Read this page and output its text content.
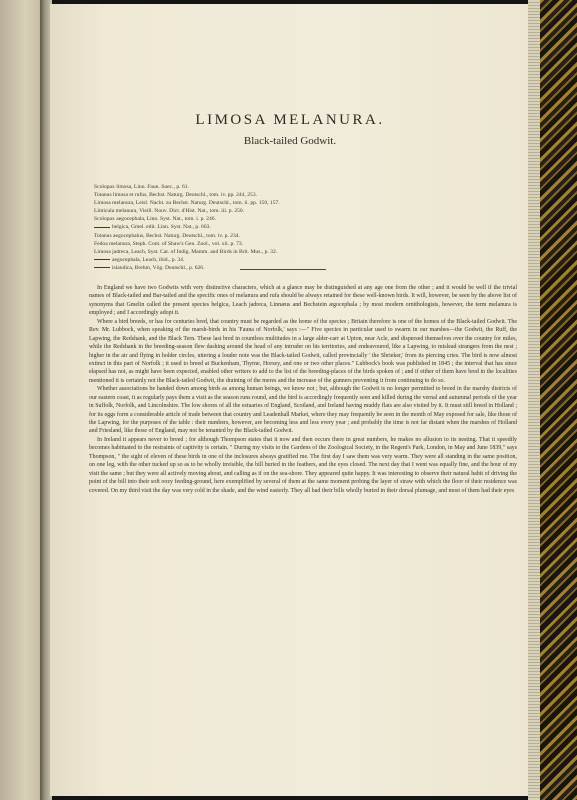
LIMOSA MELANURA.
Black-tailed Godwit.
Scolopax limosa, Linn. Faun. Suec., p. 61.
Totanus limosa et rufus, Bechst. Naturg. Deutschl., tom. iv. pp. 244, 253.
Limosa melanura, Leisl. Nacht. zu Bechst. Naturg. Deutschl., tom. ii. pp. 150, 157.
Limicula melanura, Vieill. Nouv. Dict. d'Hist. Nat., tom. iii. p. 250.
Scolopax aegocephala, Linn. Syst. Nat., tom. i. p. 246.
belgica, Gmel. edit. Linn. Syst. Nat., p. 663.
Totanus aegocephalus, Bechst. Naturg. Deutschl., tom. iv. p. 234.
Fedoa melanura, Steph. Cont. of Shaw's Gen. Zool., vol. xii. p. 73.
Limosa jadreca, Leach, Syst. Cat. of Indig. Mamm. and Birds in Brit. Mus., p. 32.
aegocephala, Leach, ibid., p. 34.
islandica, Brehm, Vög. Deutschl., p. 626.

In England we have two Godwits with very distinctive characters, which at a glance may be distinguished at any age one from the other ; and it would be well if the trivial names of Black-tailed and Bar-tailed and the specific ones of melanura and rufa should be always retained for these well-known birds. It will, however, be seen by the above list of synonyms that Gmelin called the present species belgica, Leach jadreca, Linnæus and Bechstein ægocephala ; by most modern ornithologists, however, the term melanura is employed ; and I accordingly adopt it.

Where a bird breeds, or has for centuries bred, that country must be regarded as the home of the species ; Britain therefore is one of the homes of the Black-tailed Godwit. The Rev. Mr. Lubbock, when speaking of the marsh-birds in his 'Fauna of Norfolk,' says :—" Five species in particular used to swarm in our marshes—the Godwit, the Ruff, the Lapwing, the Redshank, and the Black Tern. These last bred in countless multitudes in a large alder-carr at Upton, near Acle, and dispersed themselves over the country for miles, while the Redshank in the breeding-season flew dashing around the head of any intruder on his territories, and endeavoured, like a Lapwing, to mislead strangers from the nest ; higher in the air and flying in holder circles, uttering a louder note was the Black-tailed Godwit, called provincially ' the Shrieker,' from its piercing cries. The bird is now almost extinct in this part of Norfolk ; it used to breed at Buckenham, Thyrne, Horsey, and one or two other places." Lubbock's book was published in 1845 ; the interval that has since elapsed has not, as might have been expected, enabled other writers to add to the list of the breeding-places of the birds spoken of ; and if either of them have bred in the localities mentioned it is certainly not the Black-tailed Godwit, the draining of the meres and the increase of the gunners preventing it from continuing to do so.

Whether associations be handed down among birds as among human beings, we know not ; but, although the Godwit is no longer permitted to breed in the marshy districts of our eastern coast, it as regularly pays them a visit as the season runs round, and the bird is accordingly frequently seen and killed during the vernal and autumnal periods of the year in Suffolk, Norfolk, and Lincolnshire. The low shores of all the estuaries of England, Scotland, and Ireland having muddy flats are also visited by it. It must still breed in Holland ; for its eggs form a considerable article of trade between that country and Leadenhall Market, where they may frequently be seen in the month of May exposed for sale, like those of the Lapwing, for the purposes of the table : their numbers, however, are becoming less and less every year ; and probably the time is not far distant when the marshes of Holland and Friesland, like those of England, may not be tenanted by the Black-tailed Godwit.

In Ireland it appears never to breed ; for although Thompson states that it now and then occurs there in great numbers, he makes no allusion to its nesting. That it speedily becomes habituated to the restraints of captivity is certain. " During my visits to the Gardens of the Zoological Society, in the Regent's Park, London, in May and June 1839," says Thompson, " the sight of eleven of these birds in one of the inclosures always gratified me. The first day I saw them was very warm. They were all standing in the same position, on one leg, with the other tucked up so as to be wholly invisible, the bill buried in the feathers, and the eyes closed. The next day that I went was equally fine, and the hour of my visit the same ; but they were all actively moving about, and calling as if on the sea-shore. They appeared quite happy. It was interesting to observe their natural habit of driving the point of the bill into their soft oozy feeding-ground, here exemplified by several of them at the same moment probing the layer of straw with which the floor of their residence was covered. On my third visit the day was very cold in the shade, and the wind easterly. They all had their bills wholly buried in their dorsal plumage, and most of them had their eyes
